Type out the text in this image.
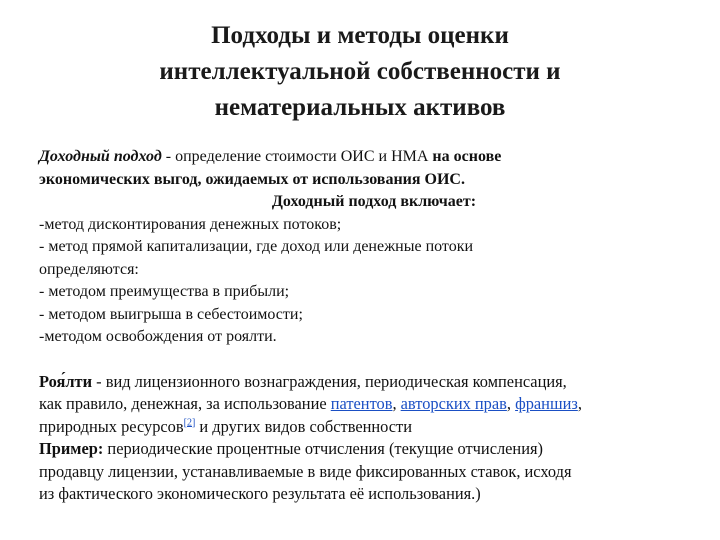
Подходы и методы оценки
интеллектуальной собственности и
нематериальных активов

Доходный подход - определение стоимости ОИС и НМА на основе

экономических выгод, ожидаемых от использования ОИС.

Доходный подход включает:

-метод дисконтирования денежных потоков;

- метод прямой капитализации, где доход или денежные потоки

определяются:

- методом преимущества в прибыли;

- методом выигрыша в себестоимости;

-методом освобождения от роялти.

Роя́лти - вид лицензионного вознаграждения, периодическая компенсация,

как правило, денежная, за использование патентов, авторских прав, франшиз,

природных ресурсов[2] и других видов собственности

Пример: периодические процентные отчисления (текущие отчисления)

продавцу лицензии, устанавливаемые в виде фиксированных ставок, исходя

из фактического экономического результата её использования.)
